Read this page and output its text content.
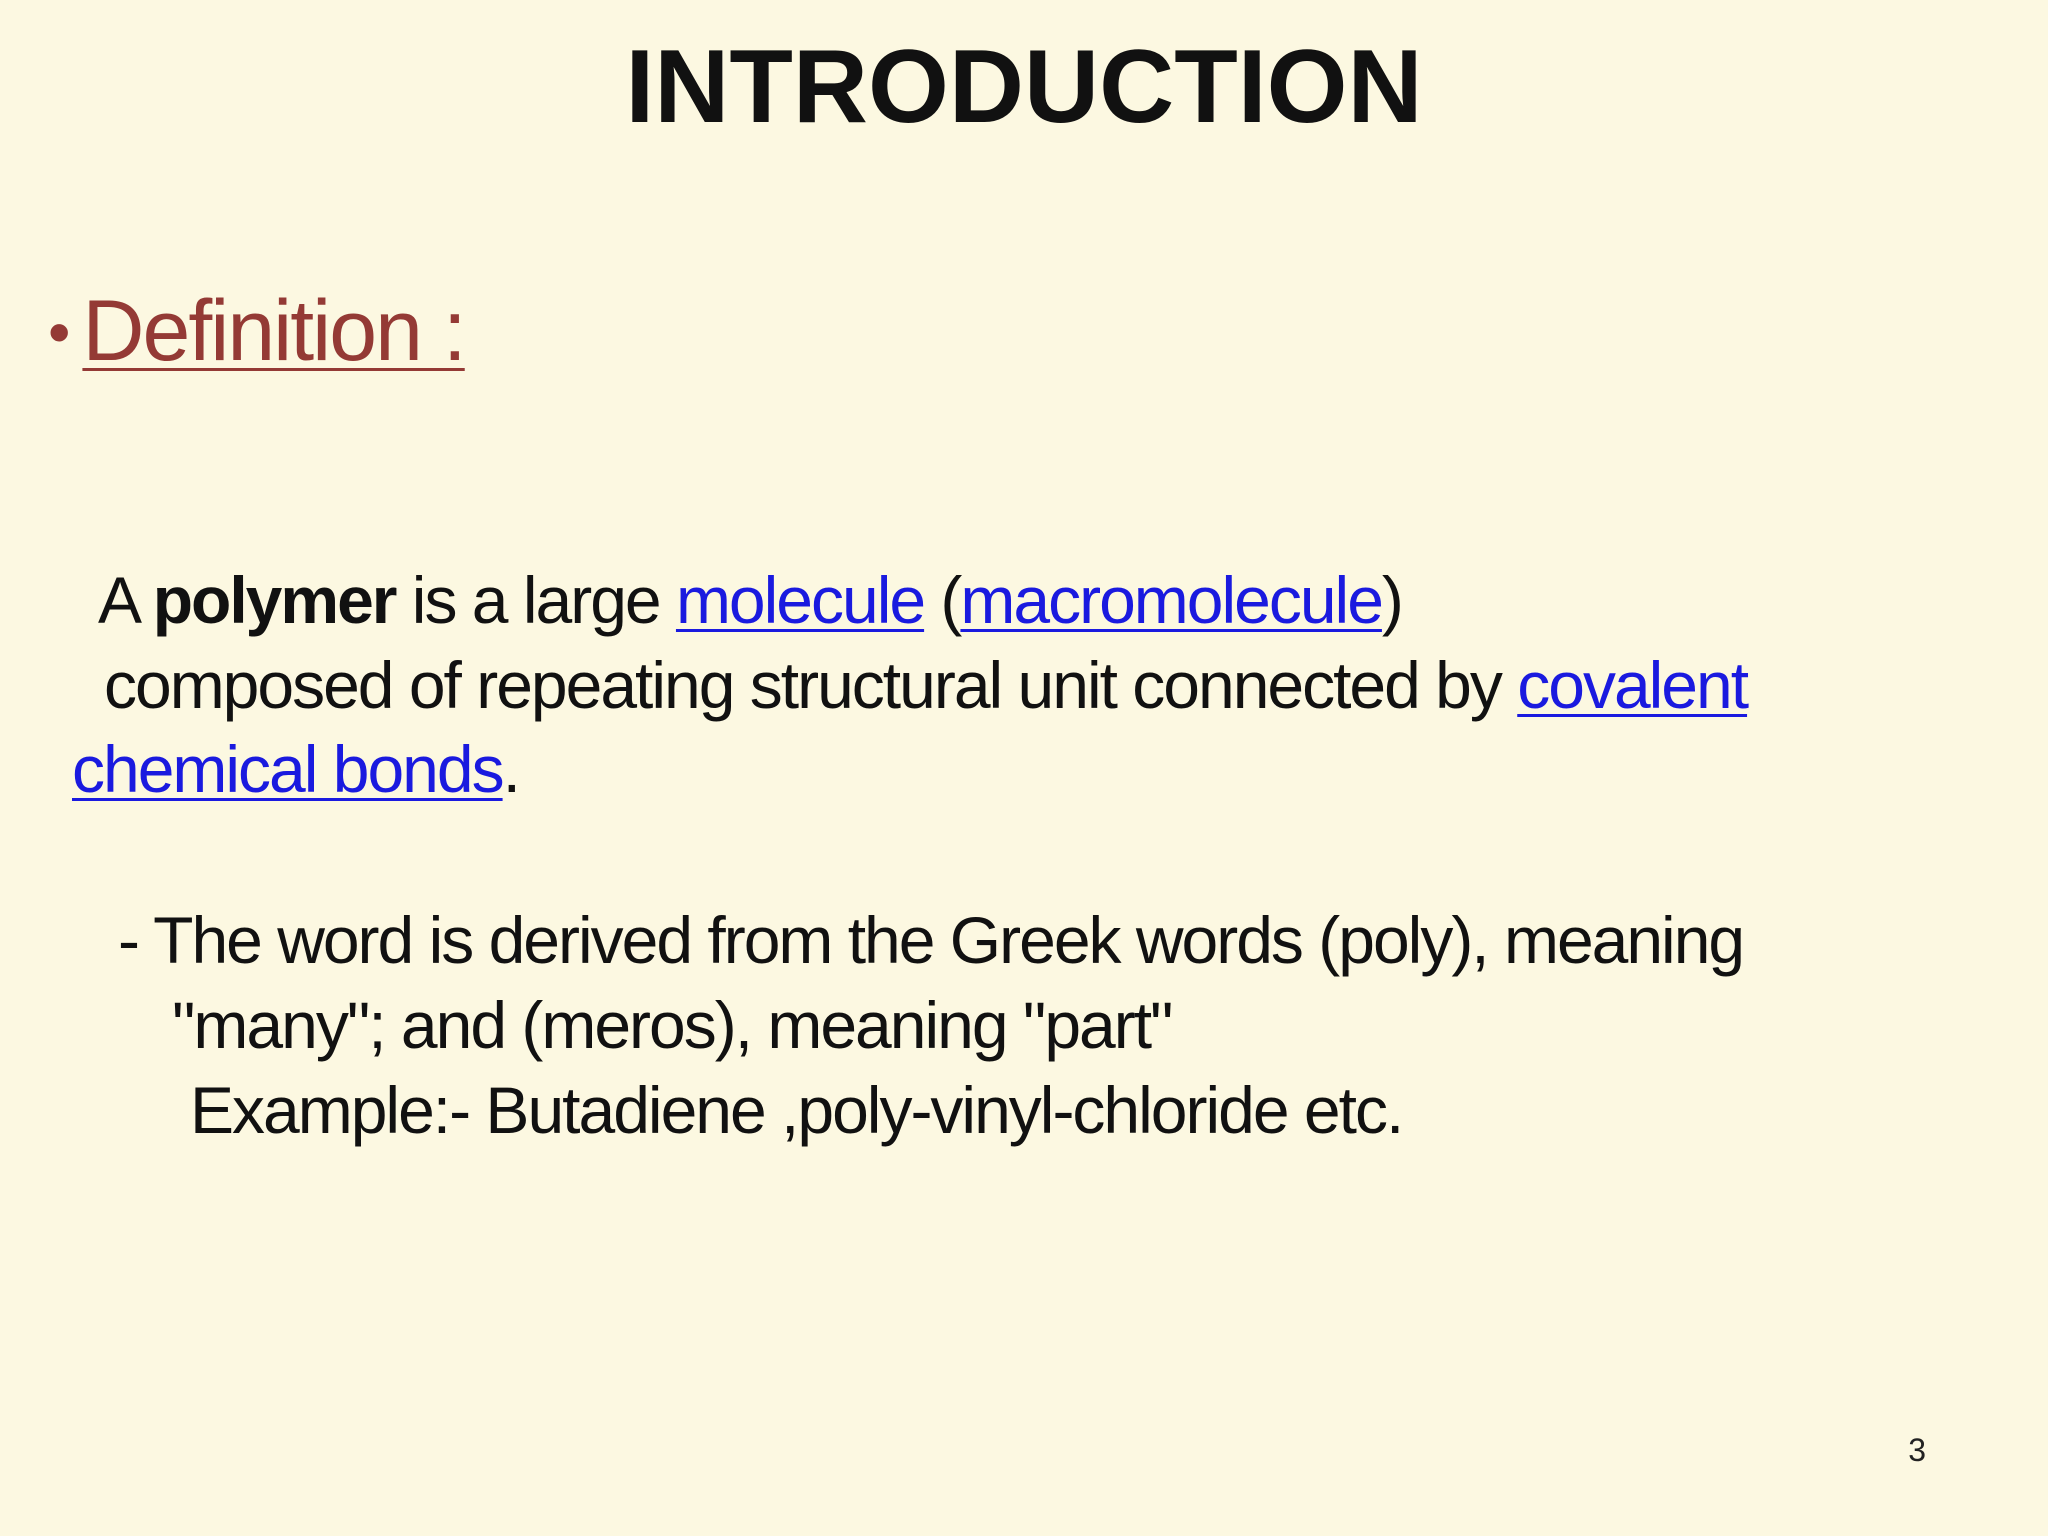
INTRODUCTION
• Definition :
A polymer is a large molecule (macromolecule)
composed of repeating structural unit connected by covalent
chemical bonds.
- The word is derived from the Greek words (poly), meaning
"many"; and (meros), meaning "part"
Example:- Butadiene ,poly-vinyl-chloride etc.
3
